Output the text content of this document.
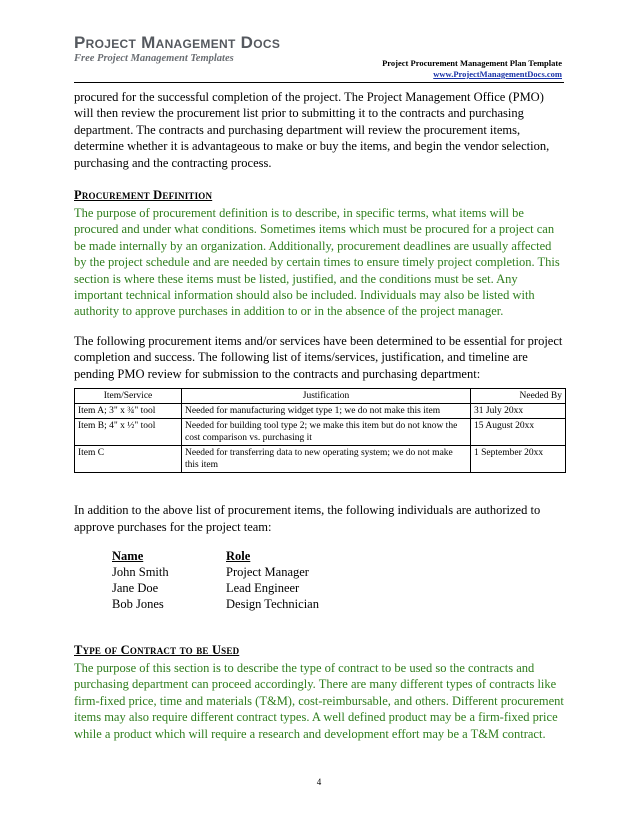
Project Management Docs
Free Project Management Templates	Project Procurement Management Plan Template
www.ProjectManagementDocs.com

procured for the successful completion of the project. The Project Management Office (PMO) will then review the procurement list prior to submitting it to the contracts and purchasing department. The contracts and purchasing department will review the procurement items, determine whether it is advantageous to make or buy the items, and begin the vendor selection, purchasing and the contracting process.

Procurement Definition

The purpose of procurement definition is to describe, in specific terms, what items will be procured and under what conditions. Sometimes items which must be procured for a project can be made internally by an organization. Additionally, procurement deadlines are usually affected by the project schedule and are needed by certain times to ensure timely project completion. This section is where these items must be listed, justified, and the conditions must be set. Any important technical information should also be included. Individuals may also be listed with authority to approve purchases in addition to or in the absence of the project manager.

The following procurement items and/or services have been determined to be essential for project completion and success. The following list of items/services, justification, and timeline are pending PMO review for submission to the contracts and purchasing department:

Item/Service	Justification	Needed By
Item A; 3" x ¾" tool	Needed for manufacturing widget type 1; we do not make this item	31 July 20xx
Item B; 4" x ½" tool	Needed for building tool type 2; we make this item but do not know the cost comparison vs. purchasing it	15 August 20xx
Item C	Needed for transferring data to new operating system; we do not make this item	1 September 20xx

In addition to the above list of procurement items, the following individuals are authorized to approve purchases for the project team:

Name	Role
John Smith	Project Manager
Jane Doe	Lead Engineer
Bob Jones	Design Technician
Type of Contract to be Used

The purpose of this section is to describe the type of contract to be used so the contracts and purchasing department can proceed accordingly. There are many different types of contracts like firm-fixed price, time and materials (T&M), cost-reimbursable, and others. Different procurement items may also require different contract types. A well defined product may be a firm-fixed price while a product which will require a research and development effort may be a T&M contract.

4
